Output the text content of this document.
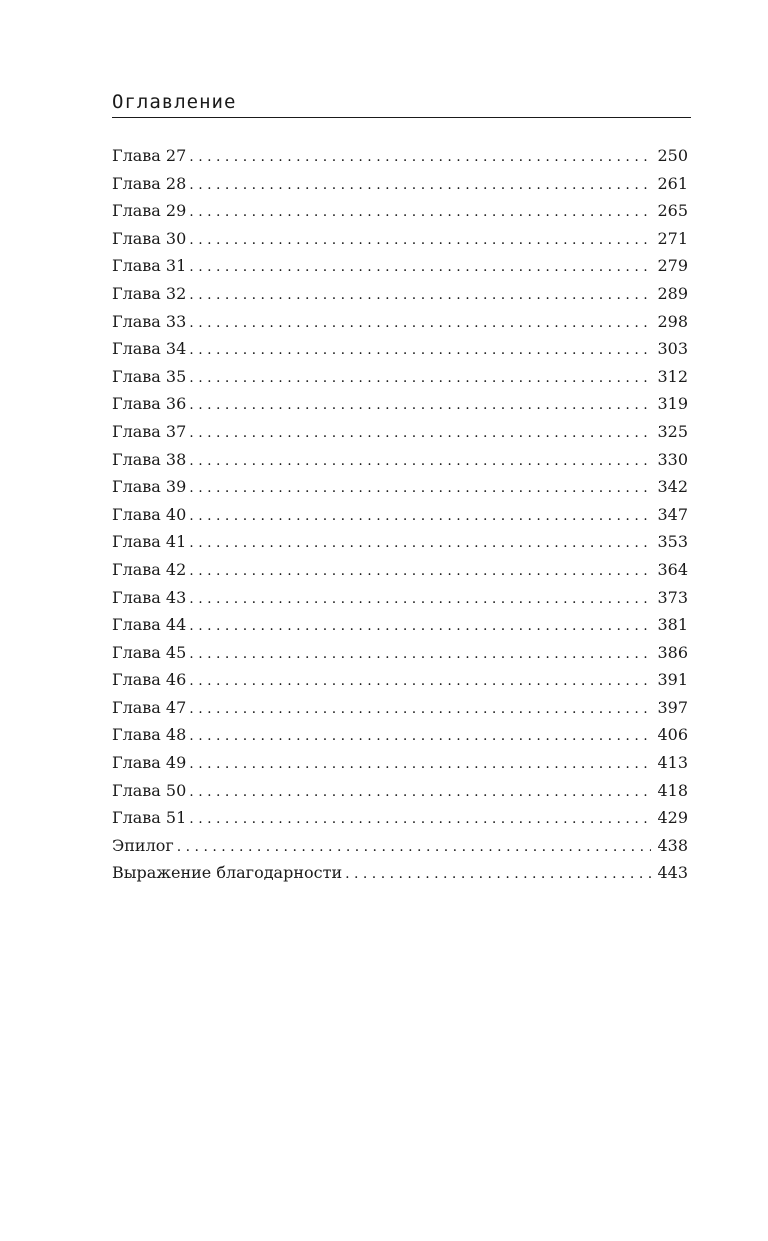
Оглавление
Глава 27 . . .	250
Глава 28 . . .	261
Глава 29 . . .	265
Глава 30 . . .	271
Глава 31 . . .	279
Глава 32 . . .	289
Глава 33 . . .	298
Глава 34 . . .	303
Глава 35 . . .	312
Глава 36 . . .	319
Глава 37 . . .	325
Глава 38 . . .	330
Глава 39 . . .	342
Глава 40 . . .	347
Глава 41 . . .	353
Глава 42 . . .	364
Глава 43 . . .	373
Глава 44 . . .	381
Глава 45 . . .	386
Глава 46 . . .	391
Глава 47 . . .	397
Глава 48 . . .	406
Глава 49 . . .	413
Глава 50 . . .	418
Глава 51 . . .	429
Эпилог . . .	438
Выражение благодарности . . .	443
